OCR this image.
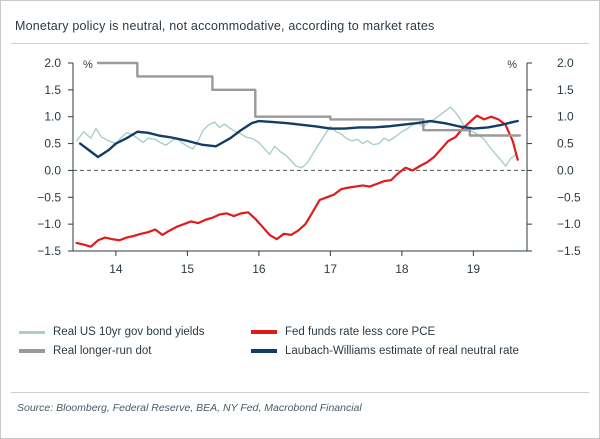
Monetary policy is neutral, not accommodative, according to market rates
2.0	2.0
1.5	1.5
1.0	1.0
0.5	0.5
0.0	0.0
−0.5	−0.5
−1.0	−1.0
−1.5	−1.5
%	%
14	15	16	17	18	19
Real US 10yr gov bond yields	Fed funds rate less core PCE
Real longer-run dot	Laubach-Williams estimate of real neutral rate
Source: Bloomberg, Federal Reserve, BEA, NY Fed, Macrobond Financial
